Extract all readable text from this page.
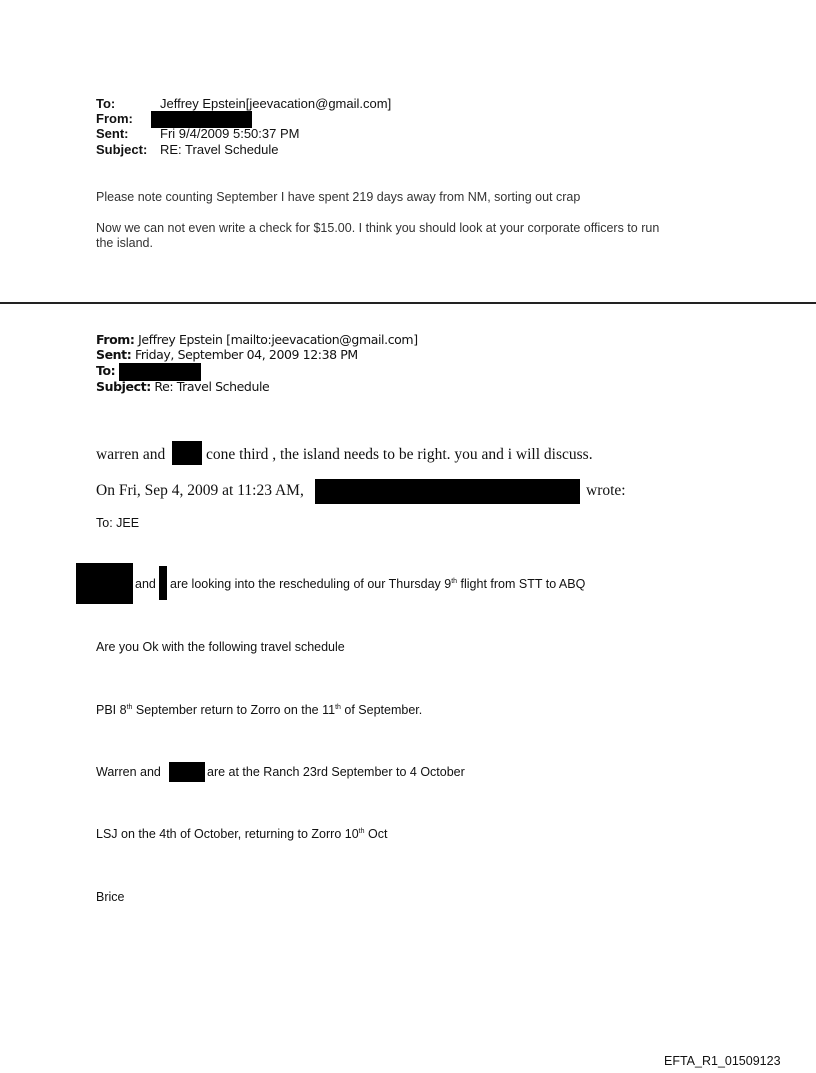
To:	Jeffrey Epstein[jeevacation@gmail.com]
From:
Sent: Fri 9/4/2009 5:50:37 PM
Subject: RE: Travel Schedule
Please note counting September I have spent 219 days away from NM, sorting out crap
Now we can not even write a check for $15.00. I think you should look at your corporate officers to run
the island.
From: Jeffrey Epstein [mailto:jeevacation@gmail.com]
Sent: Friday, September 04, 2009 12:38 PM
To:
Subject: Re: Travel Schedule
warren and	cone third , the island needs to be right. you and i will discuss.
On Fri, Sep 4, 2009 at 11:23 AM,	wrote:
To: JEE
and are looking into the rescheduling of our Thursday 9th flight from STT to ABQ
Are you Ok with the following travel schedule
PBI 8th September return to Zorro on the 11th of September.
Warren and	are at the Ranch 23rd September to 4 October
LSJ on the 4th of October, returning to Zorro 10th Oct
Brice
EFTA_R1_01509123
